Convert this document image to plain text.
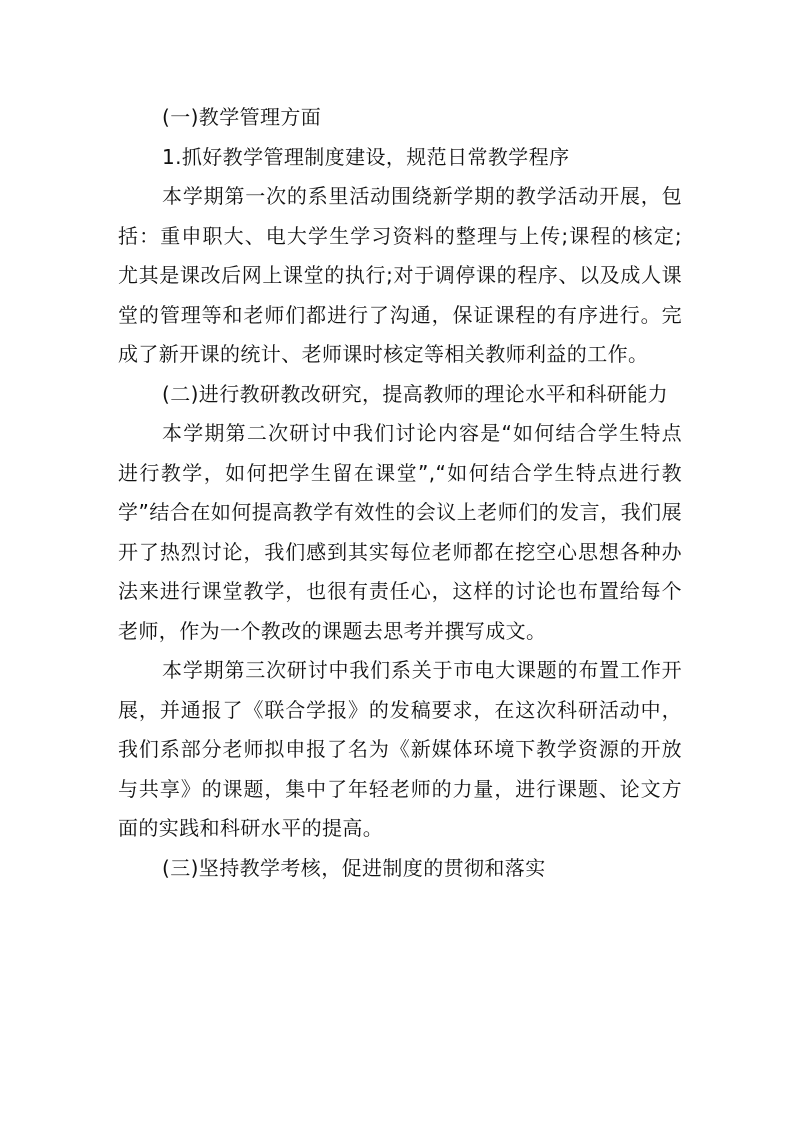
(一)教学管理方面

1.抓好教学管理制度建设，规范日常教学程序

本学期第一次的系里活动围绕新学期的教学活动开展，包括：重申职大、电大学生学习资料的整理与上传;课程的核定;尤其是课改后网上课堂的执行;对于调停课的程序、以及成人课堂的管理等和老师们都进行了沟通，保证课程的有序进行。完成了新开课的统计、老师课时核定等相关教师利益的工作。

(二)进行教研教改研究，提高教师的理论水平和科研能力

本学期第二次研讨中我们讨论内容是“如何结合学生特点进行教学，如何把学生留在课堂”,“如何结合学生特点进行教学”结合在如何提高教学有效性的会议上老师们的发言，我们展开了热烈讨论，我们感到其实每位老师都在挖空心思想各种办法来进行课堂教学，也很有责任心，这样的讨论也布置给每个老师，作为一个教改的课题去思考并撰写成文。

本学期第三次研讨中我们系关于市电大课题的布置工作开展，并通报了《联合学报》的发稿要求，在这次科研活动中，我们系部分老师拟申报了名为《新媒体环境下教学资源的开放与共享》的课题，集中了年轻老师的力量，进行课题、论文方面的实践和科研水平的提高。

(三)坚持教学考核，促进制度的贯彻和落实
